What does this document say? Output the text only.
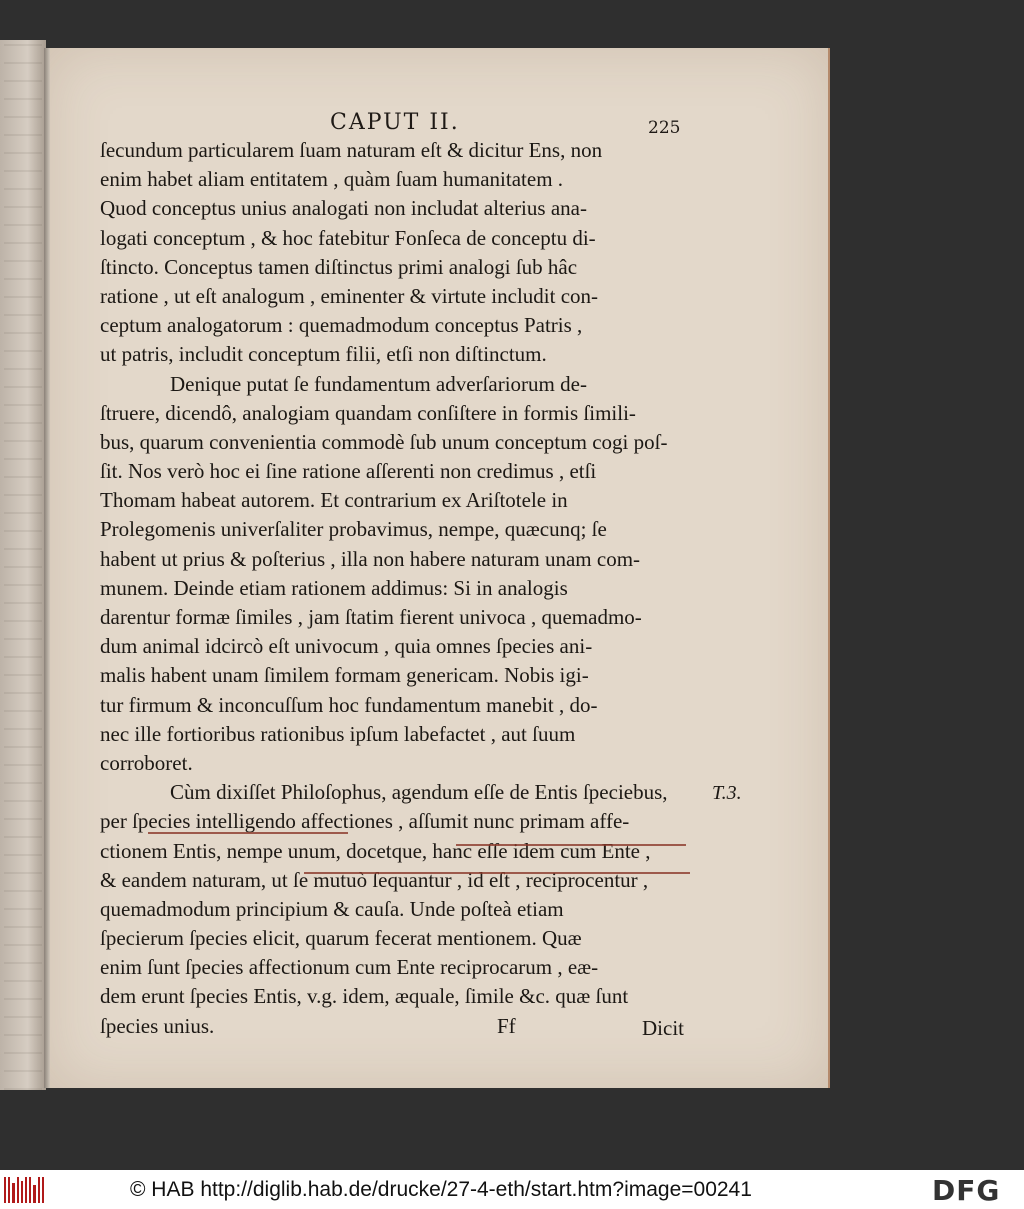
CAPUT II.	225
ſecundum particularem ſuam naturam eſt & dicitur Ens, non
enim habet aliam entitatem , quàm ſuam humanitatem .
Quod conceptus unius analogati non includat alterius ana-
logati conceptum , & hoc fatebitur Fonſeca de conceptu di-
ſtincto. Conceptus tamen diſtinctus primi analogi ſub hâc
ratione , ut eſt analogum , eminenter & virtute includit con-
ceptum analogatorum : quemadmodum conceptus Patris ,
ut patris, includit conceptum filii, etſi non diſtinctum.
Denique putat ſe fundamentum adverſariorum de-
ſtruere, dicendô, analogiam quandam conſiſtere in formis ſimili-
bus, quarum convenientia commodè ſub unum conceptum cogi poſ-
ſit. Nos verò hoc ei ſine ratione aſſerenti non credimus , etſi
Thomam habeat autorem. Et contrarium ex Ariſtotele in
Prolegomenis univerſaliter probavimus, nempe, quæcunq; ſe
habent ut prius & poſterius , illa non habere naturam unam com-
munem. Deinde etiam rationem addimus: Si in analogis
darentur formæ ſimiles , jam ſtatim fierent univoca , quemadmo-
dum animal idcircò eſt univocum , quia omnes ſpecies ani-
malis habent unam ſimilem formam genericam. Nobis igi-
tur firmum & inconcuſſum hoc fundamentum manebit , do-
nec ille fortioribus rationibus ipſum labefactet , aut ſuum
corroboret.
Cùm dixiſſet Philoſophus, agendum eſſe de Entis ſpeciebus,
per ſpecies intelligendo affectiones , aſſumit nunc primam affe-
ctionem Entis, nempe unum, docetque, hanc eſſe idem cum Ente ,
& eandem naturam, ut ſe mutuò ſequantur , id eſt , reciprocentur ,
quemadmodum principium & cauſa. Unde poſteà etiam
ſpecierum ſpecies elicit, quarum fecerat mentionem. Quæ
enim ſunt ſpecies affectionum cum Ente reciprocarum , eæ-
dem erunt ſpecies Entis, v.g. idem, æquale, ſimile &c. quæ ſunt
ſpecies unius.
T.3.
Ff	Dicit
© HAB http://diglib.hab.de/drucke/27-4-eth/start.htm?image=00241	DFG
